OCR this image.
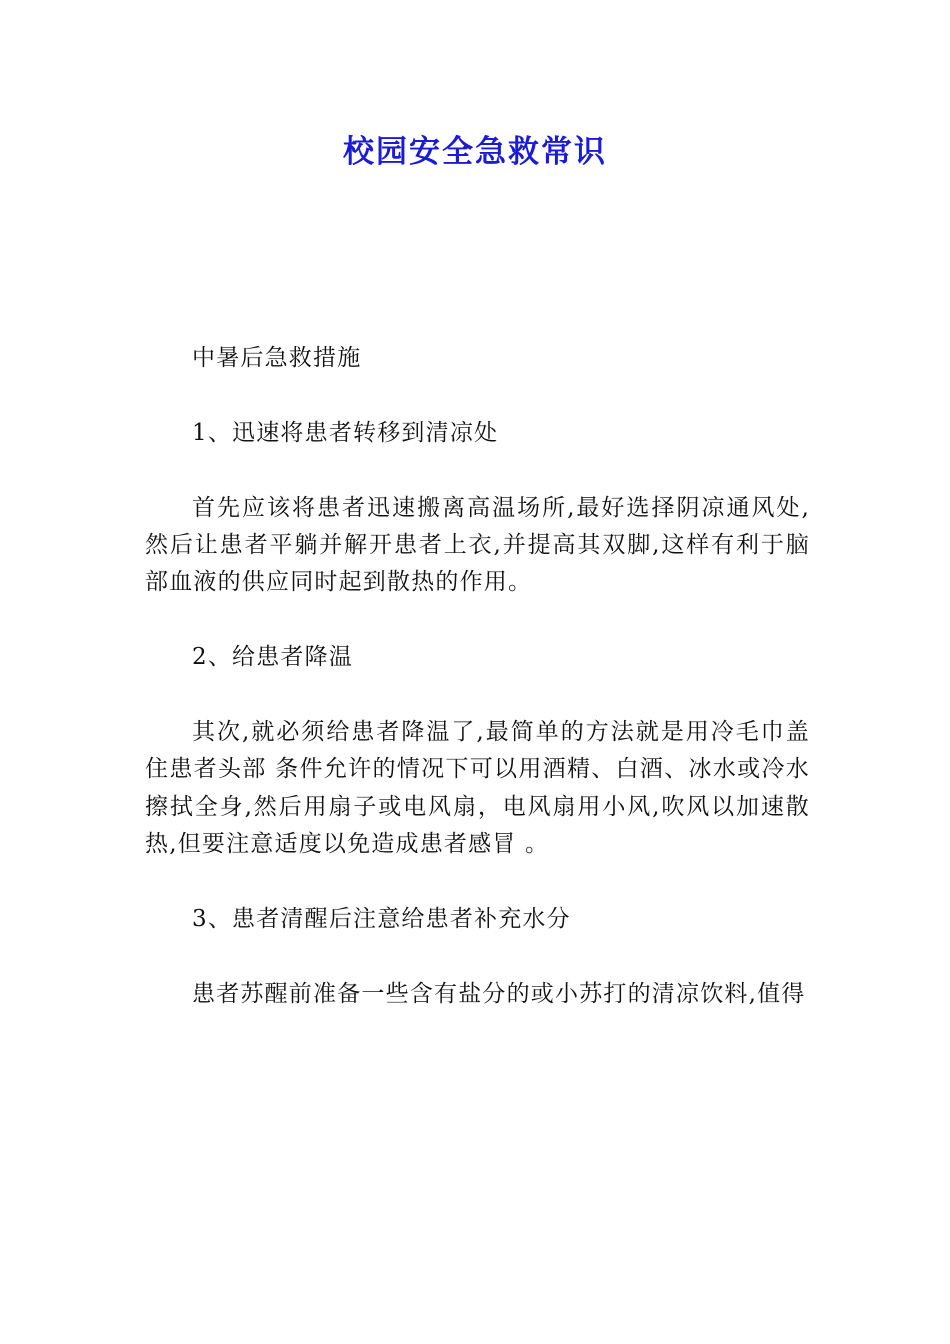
校园安全急救常识

中暑后急救措施

1、迅速将患者转移到清凉处

首先应该将患者迅速搬离高温场所,最好选择阴凉通风处,然后让患者平躺并解开患者上衣,并提高其双脚,这样有利于脑部血液的供应同时起到散热的作用。

2、给患者降温

其次,就必须给患者降温了,最简单的方法就是用冷毛巾盖住患者头部 条件允许的情况下可以用酒精、白酒、冰水或冷水擦拭全身,然后用扇子或电风扇，电风扇用小风,吹风以加速散热,但要注意适度以免造成患者感冒 。

3、患者清醒后注意给患者补充水分

患者苏醒前准备一些含有盐分的或小苏打的清凉饮料,值得
